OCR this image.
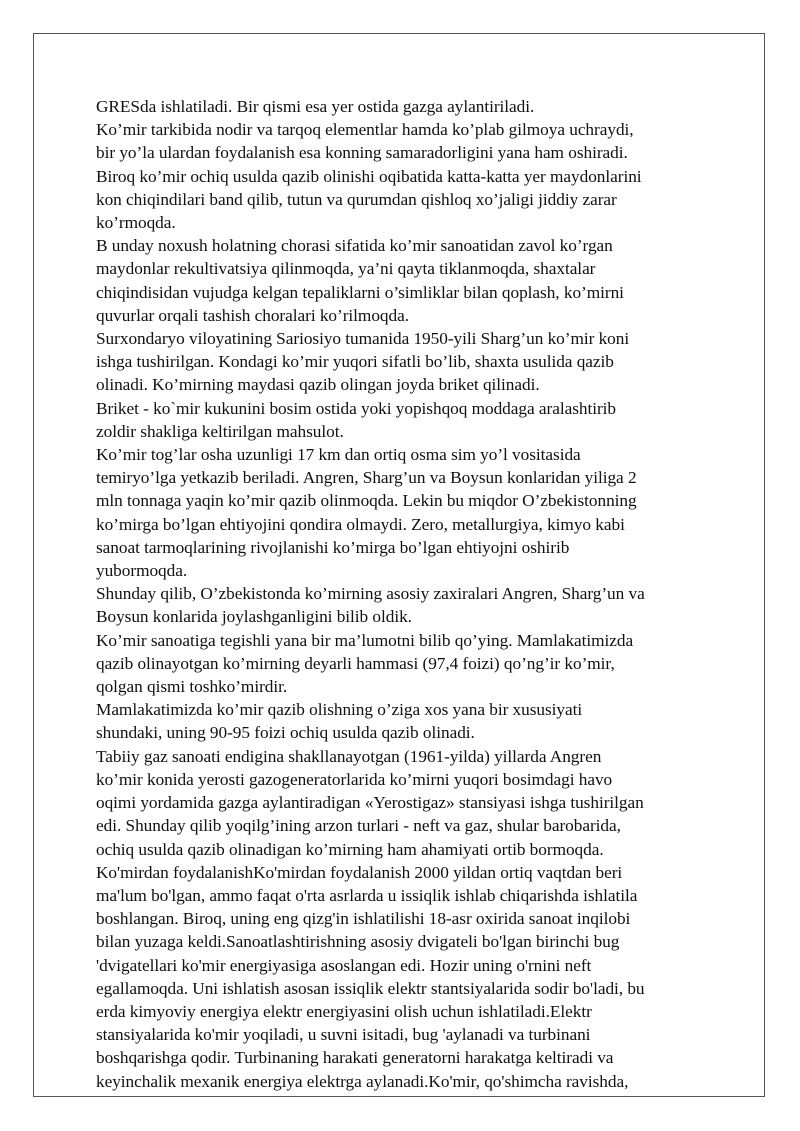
GRESda ishlatiladi. Bir qismi esa yer ostida gazga aylantiriladi.
Ko’mir tarkibida nodir va tarqoq elementlar hamda ko’plab gilmoya uchraydi,
bir yo’la ulardan foydalanish esa konning samaradorligini yana ham oshiradi.
Biroq ko’mir ochiq usulda qazib olinishi oqibatida katta-katta yer maydonlarini
kon chiqindilari band qilib, tutun va qurumdan qishloq xo’jaligi jiddiy zarar
ko’rmoqda.
B unday noxush holatning chorasi sifatida ko’mir sanoatidan zavol ko’rgan
maydonlar rekultivatsiya qilinmoqda, ya’ni qayta tiklanmoqda, shaxtalar
chiqindisidan vujudga kelgan tepaliklarni o’simliklar bilan qoplash, ko’mirni
quvurlar orqali tashish choralari ko’rilmoqda.
Surxondaryo viloyatining Sariosiyo tumanida 1950-yili Sharg’un ko’mir koni
ishga tushirilgan. Kondagi ko’mir yuqori sifatli bo’lib, shaxta usulida qazib
olinadi. Ko’mirning maydasi qazib olingan joyda briket qilinadi.
Briket - ko`mir kukunini bosim ostida yoki yopishqoq moddaga aralashtirib
zoldir shakliga keltirilgan mahsulot.
Ko’mir tog’lar osha uzunligi 17 km dan ortiq osma sim yo’l vositasida
temiryo’lga yetkazib beriladi. Angren, Sharg’un va Boysun konlaridan yiliga 2
mln tonnaga yaqin ko’mir qazib olinmoqda. Lekin bu miqdor O’zbekistonning
ko’mirga bo’lgan ehtiyojini qondira olmaydi. Zero, metallurgiya, kimyo kabi
sanoat tarmoqlarining rivojlanishi ko’mirga bo’lgan ehtiyojni oshirib
yubormoqda.
Shunday qilib, O’zbekistonda ko’mirning asosiy zaxiralari Angren, Sharg’un va
Boysun konlarida joylashganligini bilib oldik.
Ko’mir sanoatiga tegishli yana bir ma’lumotni bilib qo’ying. Mamlakatimizda
qazib olinayotgan ko’mirning deyarli hammasi (97,4 foizi) qo’ng’ir ko’mir,
qolgan qismi toshko’mirdir.
Mamlakatimizda ko’mir qazib olishning o’ziga xos yana bir xususiyati
shundaki, uning 90-95 foizi ochiq usulda qazib olinadi.
Tabiiy gaz sanoati endigina shakllanayotgan (1961-yilda) yillarda Angren
ko’mir konida yerosti gazogeneratorlarida ko’mirni yuqori bosimdagi havo
oqimi yordamida gazga aylantiradigan «Yerostigaz» stansiyasi ishga tushirilgan
edi. Shunday qilib yoqilg’ining arzon turlari - neft va gaz, shular barobarida,
ochiq usulda qazib olinadigan ko’mirning ham ahamiyati ortib bormoqda.
Ko'mirdan foydalanishKo'mirdan foydalanish 2000 yildan ortiq vaqtdan beri
ma'lum bo'lgan, ammo faqat o'rta asrlarda u issiqlik ishlab chiqarishda ishlatila
boshlangan. Biroq, uning eng qizg'in ishlatilishi 18-asr oxirida sanoat inqilobi
bilan yuzaga keldi.Sanoatlashtirishning asosiy dvigateli bo'lgan birinchi bug
'dvigatellari ko'mir energiyasiga asoslangan edi. Hozir uning o'rnini neft
egallamoqda. Uni ishlatish asosan issiqlik elektr stantsiyalarida sodir bo'ladi, bu
erda kimyoviy energiya elektr energiyasini olish uchun ishlatiladi.Elektr
stansiyalarida ko'mir yoqiladi, u suvni isitadi, bug 'aylanadi va turbinani
boshqarishga qodir. Turbinaning harakati generatorni harakatga keltiradi va
keyinchalik mexanik energiya elektrga aylanadi.Ko'mir, qo'shimcha ravishda,
